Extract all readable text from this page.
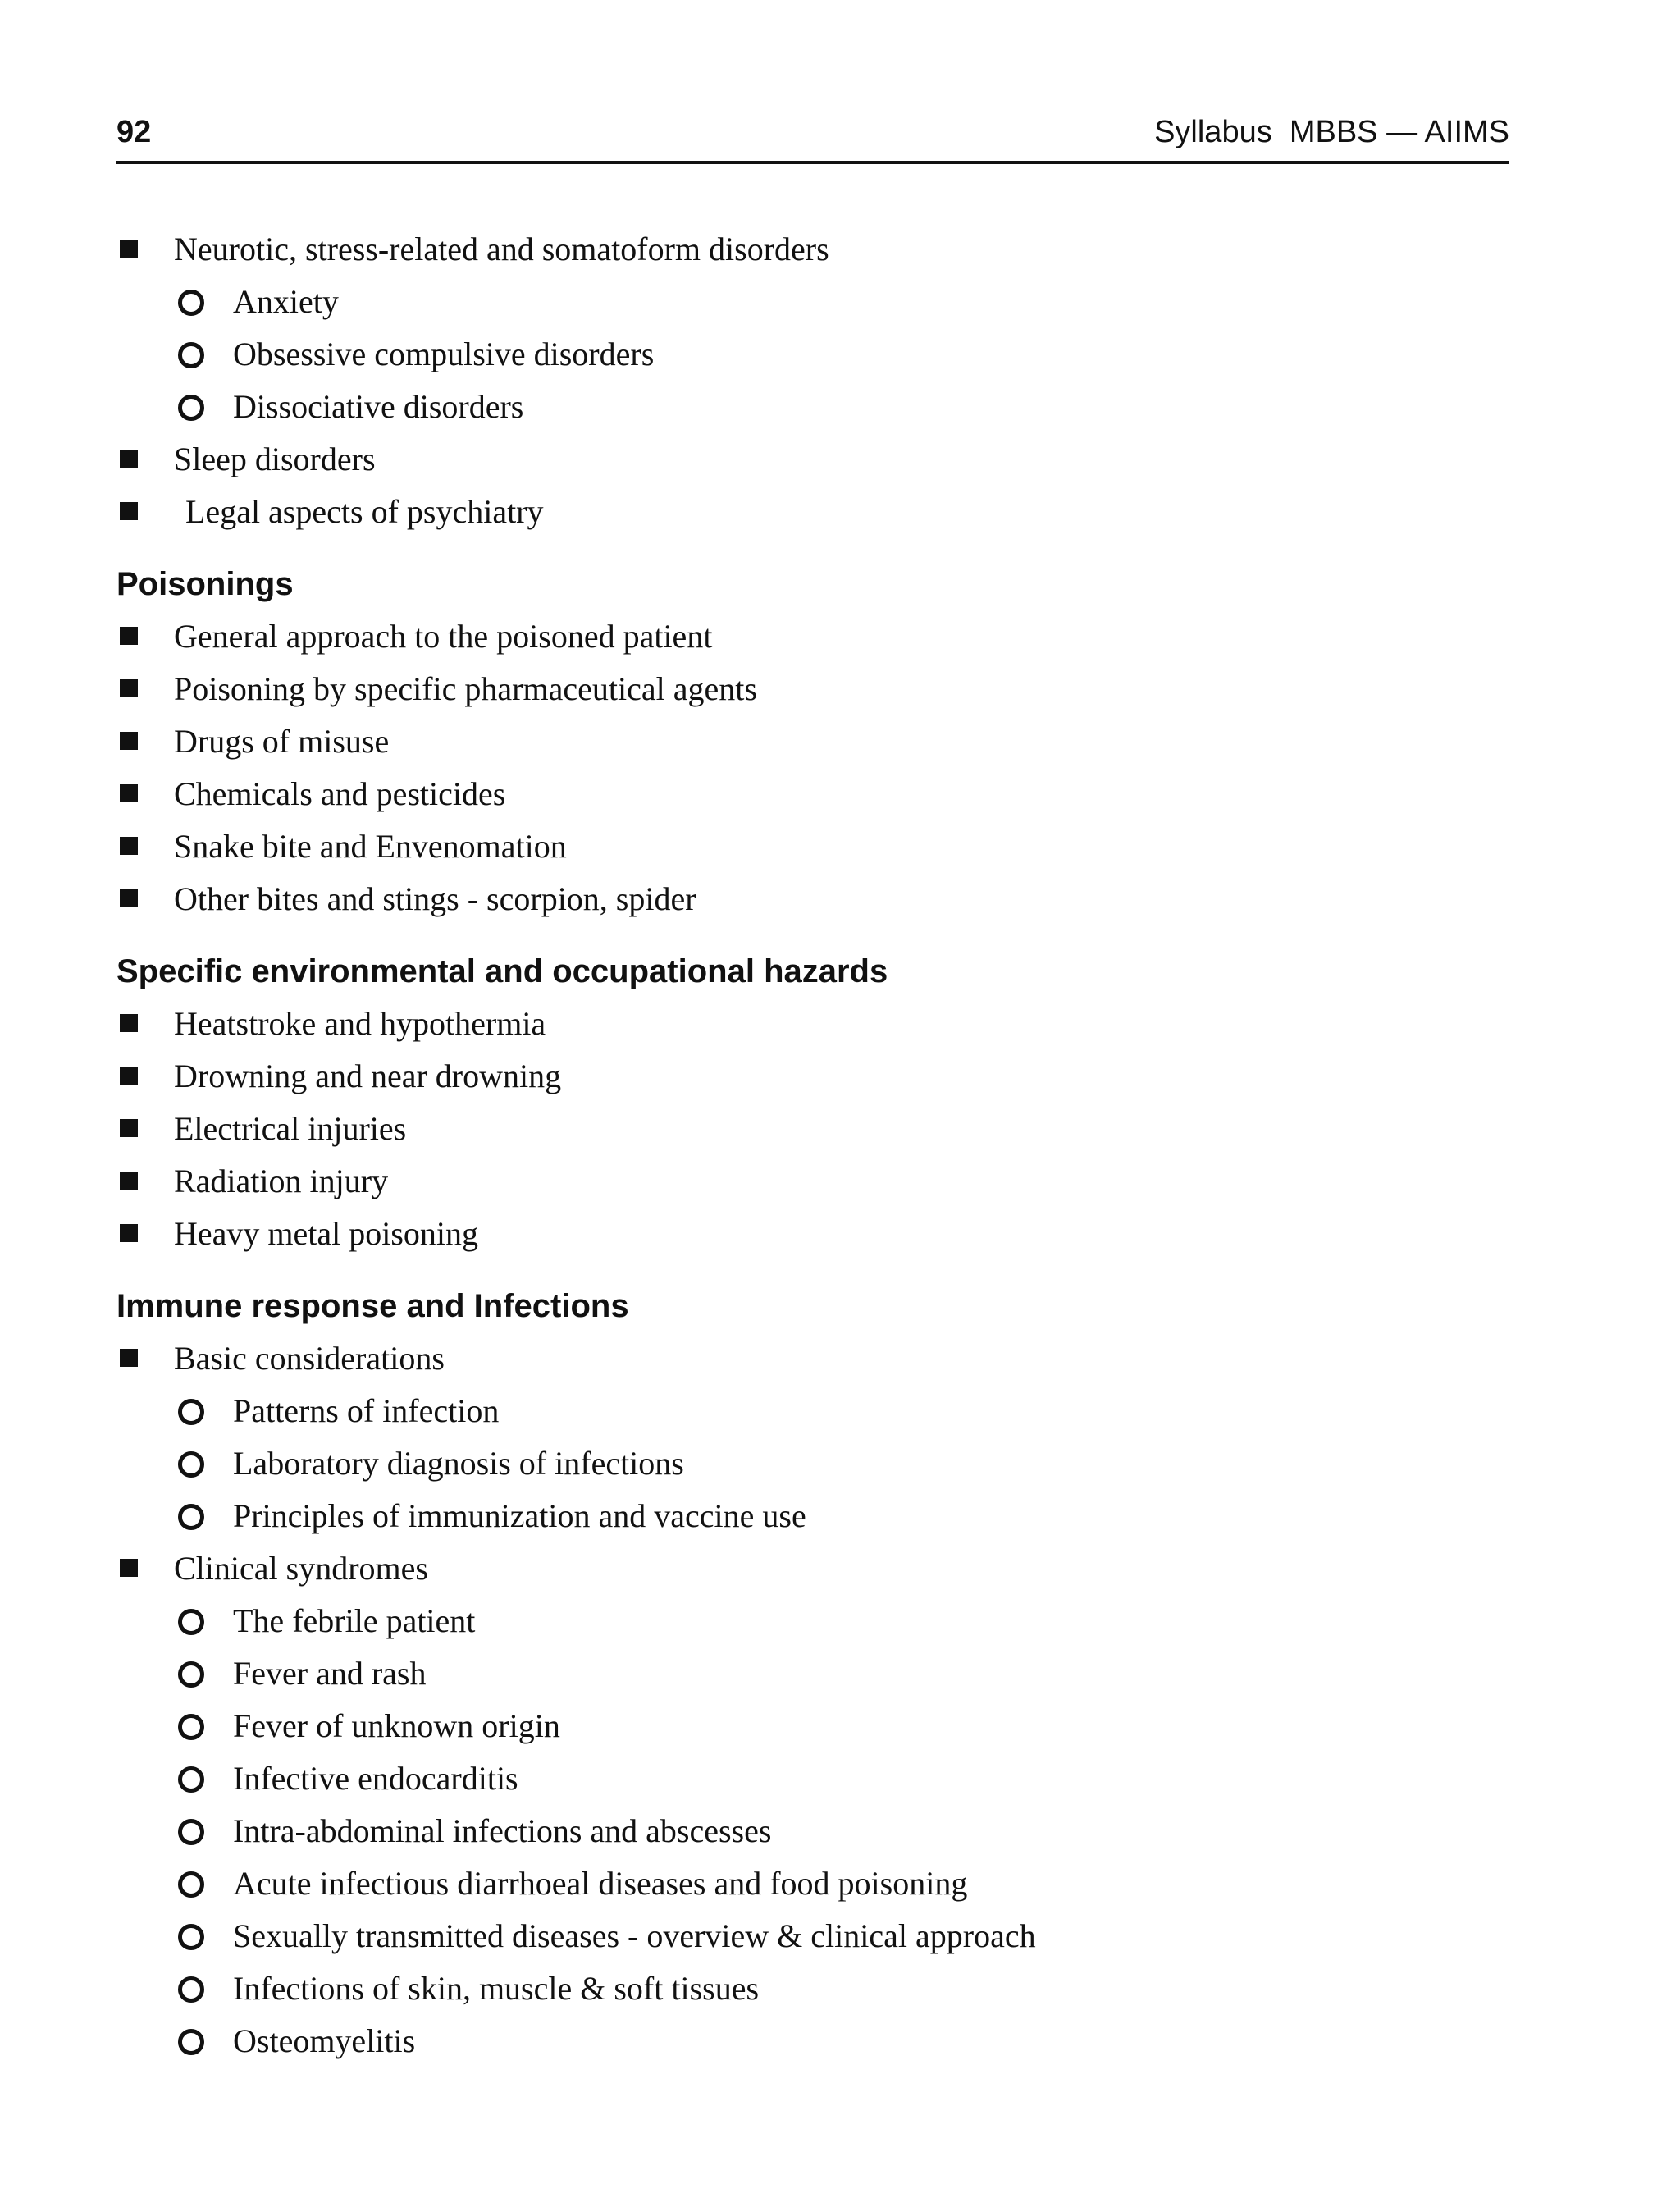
92	Syllabus  MBBS — AIIMS
Neurotic, stress-related and somatoform disorders
Anxiety
Obsessive compulsive disorders
Dissociative disorders
Sleep disorders
Legal aspects of psychiatry
Poisonings
General approach to the poisoned patient
Poisoning by specific pharmaceutical agents
Drugs of misuse
Chemicals and pesticides
Snake bite and Envenomation
Other bites and stings - scorpion, spider
Specific environmental and occupational hazards
Heatstroke and hypothermia
Drowning and near drowning
Electrical injuries
Radiation injury
Heavy metal poisoning
Immune response and Infections
Basic considerations
Patterns of infection
Laboratory diagnosis of infections
Principles of immunization and vaccine use
Clinical syndromes
The febrile patient
Fever and rash
Fever of unknown origin
Infective endocarditis
Intra-abdominal infections and abscesses
Acute infectious diarrhoeal diseases and food poisoning
Sexually transmitted diseases - overview & clinical approach
Infections of skin, muscle & soft tissues
Osteomyelitis
